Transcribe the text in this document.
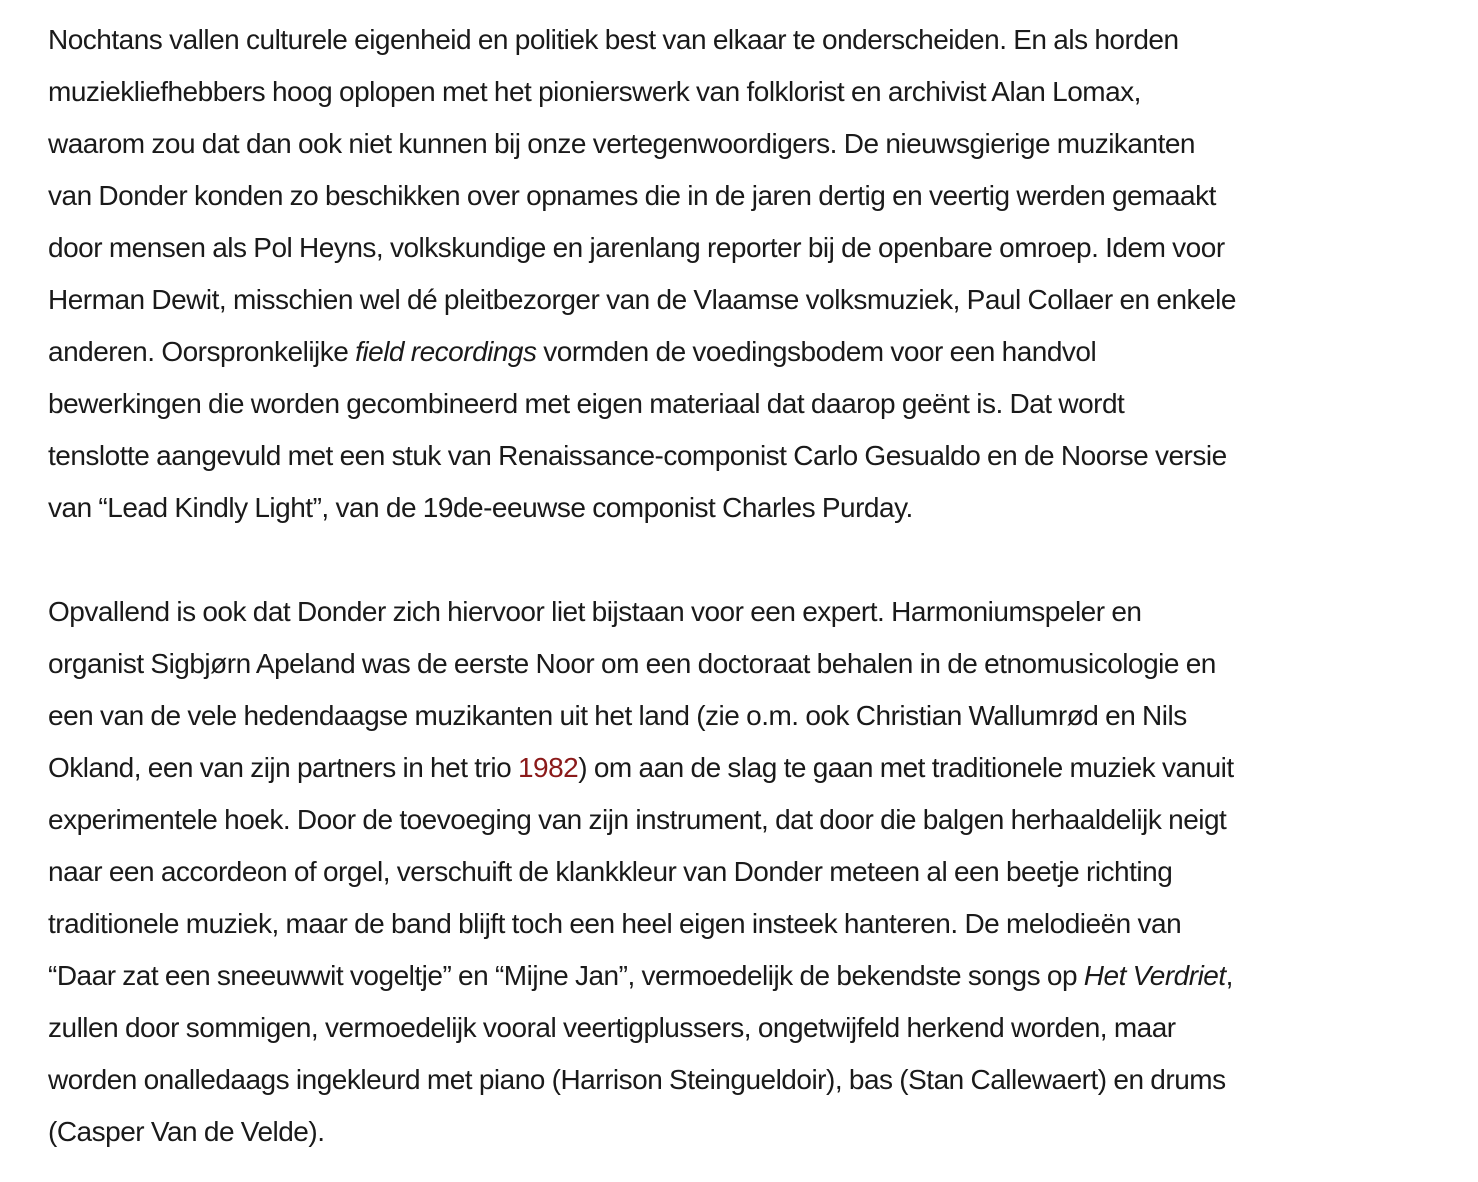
Nochtans vallen culturele eigenheid en politiek best van elkaar te onderscheiden. En als horden
muziekliefhebbers hoog oplopen met het pionierswerk van folklorist en archivist Alan Lomax,
waarom zou dat dan ook niet kunnen bij onze vertegenwoordigers. De nieuwsgierige muzikanten
van Donder konden zo beschikken over opnames die in de jaren dertig en veertig werden gemaakt
door mensen als Pol Heyns, volkskundige en jarenlang reporter bij de openbare omroep. Idem voor
Herman Dewit, misschien wel dé pleitbezorger van de Vlaamse volksmuziek, Paul Collaer en enkele
anderen. Oorspronkelijke field recordings vormden de voedingsbodem voor een handvol
bewerkingen die worden gecombineerd met eigen materiaal dat daarop geënt is. Dat wordt
tenslotte aangevuld met een stuk van Renaissance-componist Carlo Gesualdo en de Noorse versie
van “Lead Kindly Light”, van de 19de-eeuwse componist Charles Purday.

Opvallend is ook dat Donder zich hiervoor liet bijstaan voor een expert. Harmoniumspeler en
organist Sigbjørn Apeland was de eerste Noor om een doctoraat behalen in de etnomusicologie en
een van de vele hedendaagse muzikanten uit het land (zie o.m. ook Christian Wallumrød en Nils
Okland, een van zijn partners in het trio 1982) om aan de slag te gaan met traditionele muziek vanuit
experimentele hoek. Door de toevoeging van zijn instrument, dat door die balgen herhaaldelijk neigt
naar een accordeon of orgel, verschuift de klankkleur van Donder meteen al een beetje richting
traditionele muziek, maar de band blijft toch een heel eigen insteek hanteren. De melodieën van
“Daar zat een sneeuwwit vogeltje” en “Mijne Jan”, vermoedelijk de bekendste songs op Het Verdriet,
zullen door sommigen, vermoedelijk vooral veertigplussers, ongetwijfeld herkend worden, maar
worden onalledaags ingekleurd met piano (Harrison Steingueldoir), bas (Stan Callewaert) en drums
(Casper Van de Velde).
